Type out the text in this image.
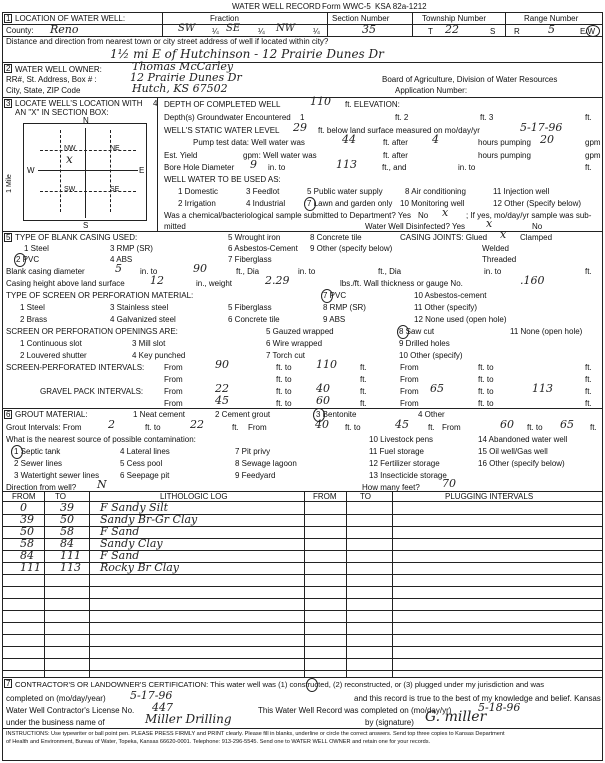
WATER WELL RECORD Form WWC-5 KSA 82a-1212
1 LOCATION OF WATER WELL:	Fraction	Section Number	Township Number	Range Number
County: Reno	SW ¼ SE ¼ NW ¼	35	T 22	S R	5	E/W
Distance and direction from nearest town or city street address of well if located within city?
1½ mi E of Hutchinson - 12 Prairie Dunes Dr
2 WATER WELL OWNER:	Thomas McCarley
RR#, St. Address, Box # :	12 Prairie Dunes Dr	Board of Agriculture, Division of Water Resources
City, State, ZIP Code	Hutch, KS 67502	Application Number:
3 LOCATE WELL'S LOCATION WITH
AN "X" IN SECTION BOX:
N
S
W	E
1 Mile
NW	NE
SW	SE
x
4 DEPTH OF COMPLETED WELL	110 ft. ELEVATION:
Depth(s) Groundwater Encountered 1	ft. 2	ft. 3	ft.
WELL'S STATIC WATER LEVEL 29 ft. below land surface measured on mo/day/yr	5-17-96
Pump test data: Well water was	44	ft. after 4	hours pumping 20	gpm
Est. Yield	gpm: Well water was	ft. after	hours pumping	gpm
Bore Hole Diameter 9 in. to	113	ft., and	in. to	ft.
WELL WATER TO BE USED AS:
1 Domestic	3 Feedlot	5 Public water supply	8 Air conditioning	11 Injection well
2 Irrigation	4 Industrial	7 Lawn and garden only 10 Monitoring well	12 Other (Specify below)
Was a chemical/bacteriological sample submitted to Department? Yes No x ; If yes, mo/day/yr sample was sub-
mitted	Water Well Disinfected? Yes x	No
5 TYPE OF BLANK CASING USED:	5 Wrought iron	8 Concrete tile	CASING JOINTS: Glued x Clamped
1 Steel	3 RMP (SR)	6 Asbestos-Cement 9 Other (specify below)	Welded
2 PVC	4 ABS	7 Fiberglass	Threaded
Blank casing diameter	5 in. to	90	ft., Dia	in. to	ft., Dia	in. to	ft.
Casing height above land surface 12	in., weight	2.29	lbs./ft. Wall thickness or gauge No.	.160
TYPE OF SCREEN OR PERFORATION MATERIAL:	7 PVC	10 Asbestos-cement
1 Steel	3 Stainless steel	5 Fiberglass	8 RMP (SR)	11 Other (specify)
2 Brass	4 Galvanized steel	6 Concrete tile	9 ABS	12 None used (open hole)
SCREEN OR PERFORATION OPENINGS ARE:	5 Gauzed wrapped	8 Saw cut	11 None (open hole)
1 Continuous slot	3 Mill slot	6 Wire wrapped	9 Drilled holes
2 Louvered shutter	4 Key punched	7 Torch cut	10 Other (specify)
SCREEN-PERFORATED INTERVALS: From	90	ft. to 110	ft.	From	ft. to	ft.
From	ft. to	ft.	From	ft. to	ft.
GRAVEL PACK INTERVALS:	From	22	ft. to 40	ft.	From 65	ft. to	113	ft.
From	45	ft. to 60	ft.	From	ft. to	ft.
6 GROUT MATERIAL:	1 Neat cement	2 Cement grout	3 Bentonite	4 Other
Grout Intervals: From 2	ft. to	22	ft. From	40 ft. to	45 ft. From	60 ft. to 65 ft.
What is the nearest source of possible contamination:	10 Livestock pens	14 Abandoned water well
1 Septic tank	4 Lateral lines	7 Pit privy	11 Fuel storage	15 Oil well/Gas well
2 Sewer lines	5 Cess pool	8 Sewage lagoon	12 Fertilizer storage	16 Other (specify below)
3 Watertight sewer lines	6 Seepage pit	9 Feedyard	13 Insecticide storage
Direction from well? N	How many feet? 70
FROM TO	LITHOLOGIC LOG	FROM	TO	PLUGGING INTERVALS
0	39 F Sandy Silt
39 50 Sandy Br-Gr Clay
50 58 F Sand
58 84 Sandy Clay
84 111 F Sand
111 113 Rocky Br Clay
7 CONTRACTOR'S OR LANDOWNER'S CERTIFICATION: This water well was (1) constructed, (2) reconstructed, or (3) plugged under my jurisdiction and was
completed on (mo/day/year) 5-17-96	and this record is true to the best of my knowledge and belief. Kansas
Water Well Contractor's License No. 447	This Water Well Record was completed on (mo/day/yr) 5-18-96
under the business name of	Miller Drilling	by (signature) G. miller
INSTRUCTIONS: Use typewriter or ball point pen. PLEASE PRESS FIRMLY and PRINT clearly. Please fill in blanks, underline or circle the correct answers. Send top three copies to Kansas Department
of Health and Environment, Bureau of Water, Topeka, Kansas 66620-0001. Telephone: 913-296-5545. Send one to WATER WELL OWNER and retain one for your records.
